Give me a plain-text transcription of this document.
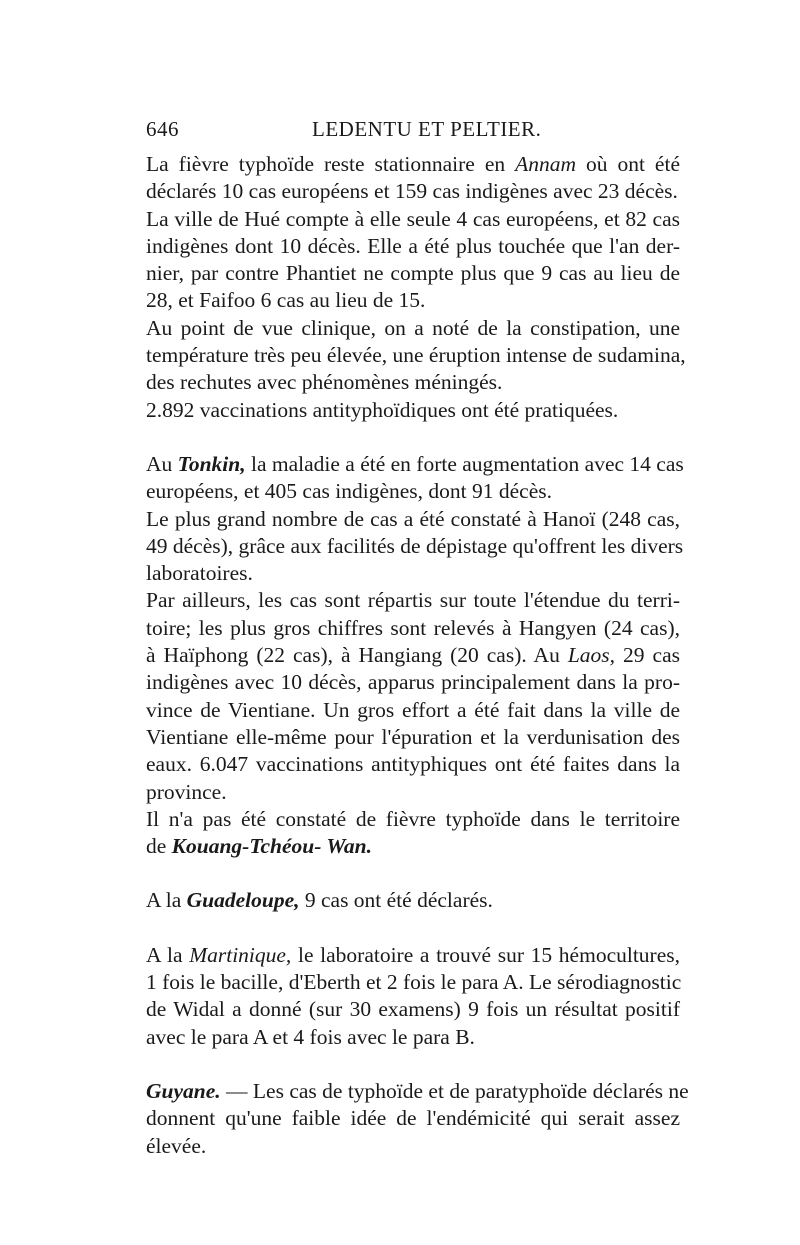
646	LEDENTU ET PELTIER.
La fièvre typhoïde reste stationnaire en Annam où ont été
déclarés 10 cas européens et 159 cas indigènes avec 23 décès.
La ville de Hué compte à elle seule 4 cas européens, et 82 cas
indigènes dont 10 décès. Elle a été plus touchée que l'an der-
nier, par contre Phantiet ne compte plus que 9 cas au lieu de
28, et Faifoo 6 cas au lieu de 15.
Au point de vue clinique, on a noté de la constipation, une
température très peu élevée, une éruption intense de sudamina,
des rechutes avec phénomènes méningés.
2.892 vaccinations antityphoïdiques ont été pratiquées.
Au Tonkin, la maladie a été en forte augmentation avec 14 cas
européens, et 405 cas indigènes, dont 91 décès.
Le plus grand nombre de cas a été constaté à Hanoï (248 cas,
49 décès), grâce aux facilités de dépistage qu'offrent les divers
laboratoires.
Par ailleurs, les cas sont répartis sur toute l'étendue du terri-
toire; les plus gros chiffres sont relevés à Hangyen (24 cas),
à Haïphong (22 cas), à Hangiang (20 cas). Au Laos, 29 cas
indigènes avec 10 décès, apparus principalement dans la pro-
vince de Vientiane. Un gros effort a été fait dans la ville de
Vientiane elle-même pour l'épuration et la verdunisation des
eaux. 6.047 vaccinations antityphiques ont été faites dans la
province.
Il n'a pas été constaté de fièvre typhoïde dans le territoire
de Kouang-Tchéou- Wan.
A la Guadeloupe, 9 cas ont été déclarés.
A la Martinique, le laboratoire a trouvé sur 15 hémocultures,
1 fois le bacille, d'Eberth et 2 fois le para A. Le sérodiagnostic
de Widal a donné (sur 30 examens) 9 fois un résultat positif
avec le para A et 4 fois avec le para B.
Guyane. — Les cas de typhoïde et de paratyphoïde déclarés ne
donnent qu'une faible idée de l'endémicité qui serait assez
élevée.
